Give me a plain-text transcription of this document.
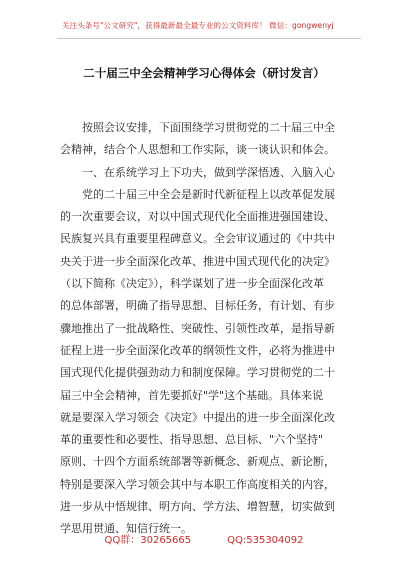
关注头条号"公文研究"，获得最新最全最专业的公文资料库！ 微信：gongwenyj
二十届三中全会精神学习心得体会（研讨发言）
按照会议安排，下面围绕学习贯彻党的二十届三中全
会精神，结合个人思想和工作实际，谈一谈认识和体会。
一、在系统学习上下功夫，做到学深悟透、入脑入心
党的二十届三中全会是新时代新征程上以改革促发展
的一次重要会议，对以中国式现代化全面推进强国建设、
民族复兴具有重要里程碑意义。全会审议通过的《中共中
央关于进一步全面深化改革、推进中国式现代化的决定》
（以下简称《决定》），科学谋划了进一步全面深化改革
的总体部署，明确了指导思想、目标任务，有计划、有步
骤地推出了一批战略性、突破性、引领性改革，是指导新
征程上进一步全面深化改革的纲领性文件，必将为推进中
国式现代化提供强劲动力和制度保障。学习贯彻党的二十
届三中全会精神，首先要抓好"学"这个基础。具体来说
就是要深入学习领会《决定》中提出的进一步全面深化改
革的重要性和必要性、指导思想、总目标、"六个坚持"
原则、十四个方面系统部署等新概念、新观点、新论断，
特别是要深入学习领会其中与本职工作高度相关的内容，
进一步从中悟规律、明方向、学方法、增智慧，切实做到
学思用贯通、知信行统一。
QQ群：30265665	QQ:535304092
